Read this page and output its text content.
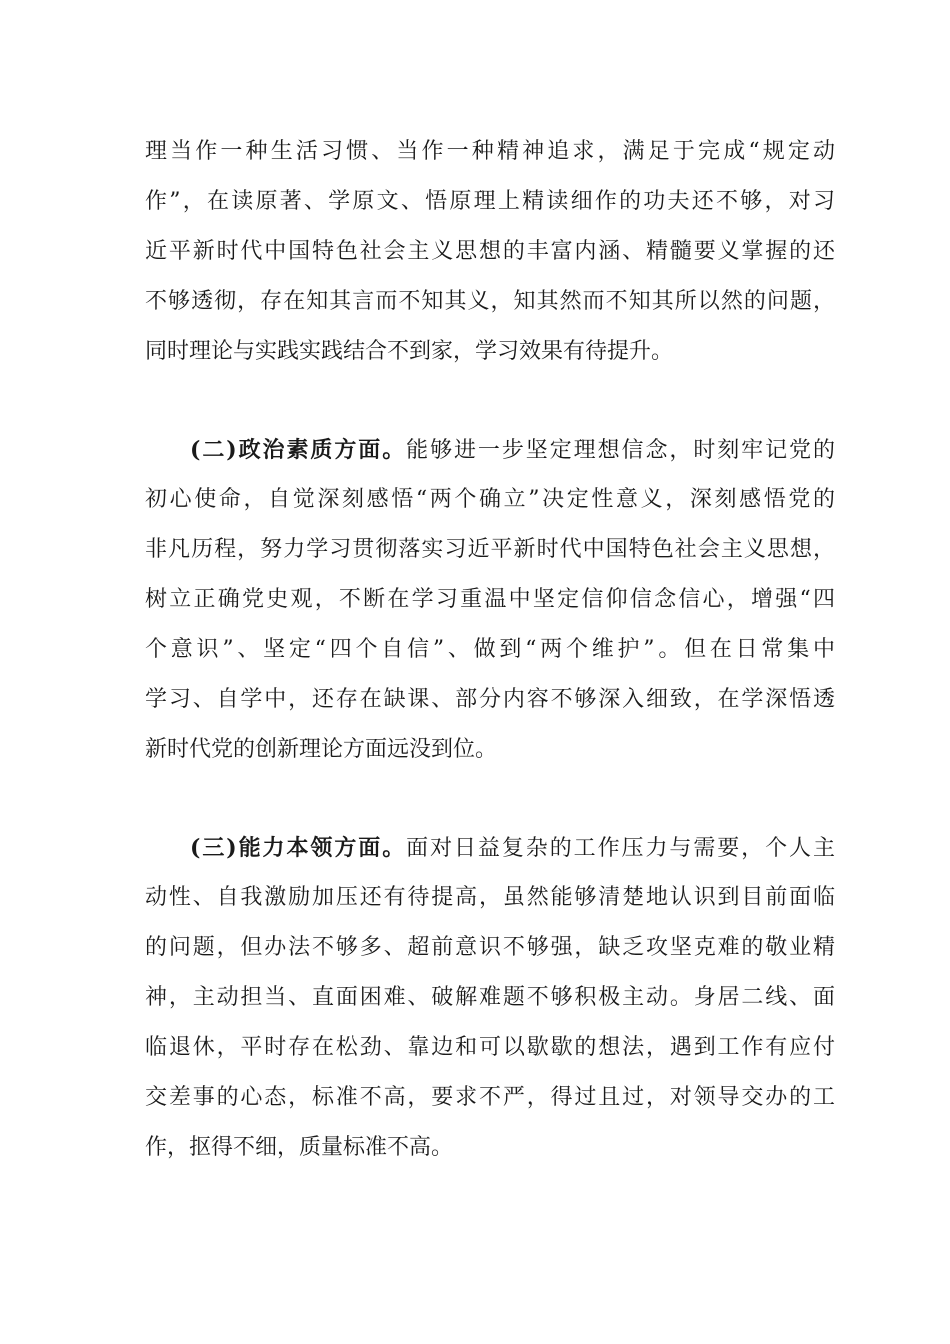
理当作一种生活习惯、当作一种精神追求，满足于完成“规定动
作”，在读原著、学原文、悟原理上精读细作的功夫还不够，对习
近平新时代中国特色社会主义思想的丰富内涵、精髓要义掌握的还
不够透彻，存在知其言而不知其义，知其然而不知其所以然的问题，
同时理论与实践实践结合不到家，学习效果有待提升。
(二)政治素质方面。能够进一步坚定理想信念，时刻牢记党的
初心使命，自觉深刻感悟“两个确立”决定性意义，深刻感悟党的
非凡历程，努力学习贯彻落实习近平新时代中国特色社会主义思想，
树立正确党史观，不断在学习重温中坚定信仰信念信心，增强“四
个意识”、坚定“四个自信”、做到“两个维护”。但在日常集中
学习、自学中，还存在缺课、部分内容不够深入细致，在学深悟透
新时代党的创新理论方面远没到位。
(三)能力本领方面。面对日益复杂的工作压力与需要，个人主
动性、自我激励加压还有待提高，虽然能够清楚地认识到目前面临
的问题，但办法不够多、超前意识不够强，缺乏攻坚克难的敬业精
神，主动担当、直面困难、破解难题不够积极主动。身居二线、面
临退休，平时存在松劲、靠边和可以歇歇的想法，遇到工作有应付
交差事的心态，标准不高，要求不严，得过且过，对领导交办的工
作，抠得不细，质量标准不高。
